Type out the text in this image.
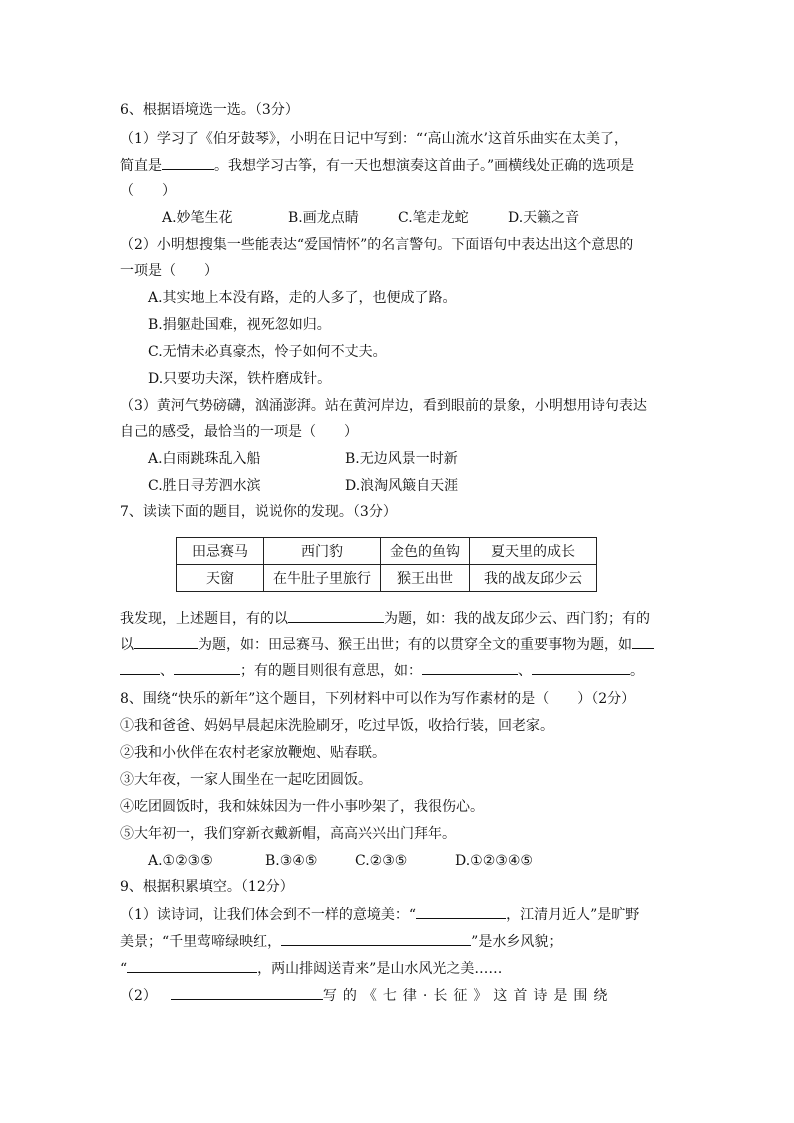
6、根据语境选一选。（3分）
（1）学习了《伯牙鼓琴》，小明在日记中写到：“‘高山流水’这首乐曲实在太美了，
简直是	。我想学习古筝，有一天也想演奏这首曲子。”画横线处正确的选项是
（　　）
A.妙笔生花	B.画龙点睛	C.笔走龙蛇	D.天籁之音
（2）小明想搜集一些能表达“爱国情怀”的名言警句。下面语句中表达出这个意思的
一项是（　　）
A.其实地上本没有路，走的人多了，也便成了路。
B.捐躯赴国难，视死忽如归。
C.无情未必真豪杰，怜子如何不丈夫。
D.只要功夫深，铁杵磨成针。
（3）黄河气势磅礴，汹涌澎湃。站在黄河岸边，看到眼前的景象，小明想用诗句表达
自己的感受，最恰当的一项是（　　）
A.白雨跳珠乱入船	B.无边风景一时新
C.胜日寻芳泗水滨	D.浪淘风簸自天涯
7、读读下面的题目，说说你的发现。（3分）
田忌赛马	西门豹	金色的鱼钩	夏天里的成长
天窗	在牛肚子里旅行	猴王出世	我的战友邱少云
我发现，上述题目，有的以	为题，如：我的战友邱少云、西门豹；有的
以	为题，如：田忌赛马、猴王出世；有的以贯穿全文的重要事物为题，如
、	；有的题目则很有意思，如：	、	。
8、围绕“快乐的新年”这个题目，下列材料中可以作为写作素材的是（　　）（2分）
①我和爸爸、妈妈早晨起床洗脸刷牙，吃过早饭，收拾行装，回老家。
②我和小伙伴在农村老家放鞭炮、贴春联。
③大年夜，一家人围坐在一起吃团圆饭。
④吃团圆饭时，我和妹妹因为一件小事吵架了，我很伤心。
⑤大年初一，我们穿新衣戴新帽，高高兴兴出门拜年。
A.①②③⑤	B.③④⑤	C.②③⑤	D.①②③④⑤
9、根据积累填空。（12分）
（1）读诗词，让我们体会到不一样的意境美：“	，江清月近人”是旷野
美景；“千里莺啼绿映红，	”是水乡风貌；
“	，两山排闼送青来”是山水风光之美……
（2）	写的《七律·长征》这首诗是围绕
